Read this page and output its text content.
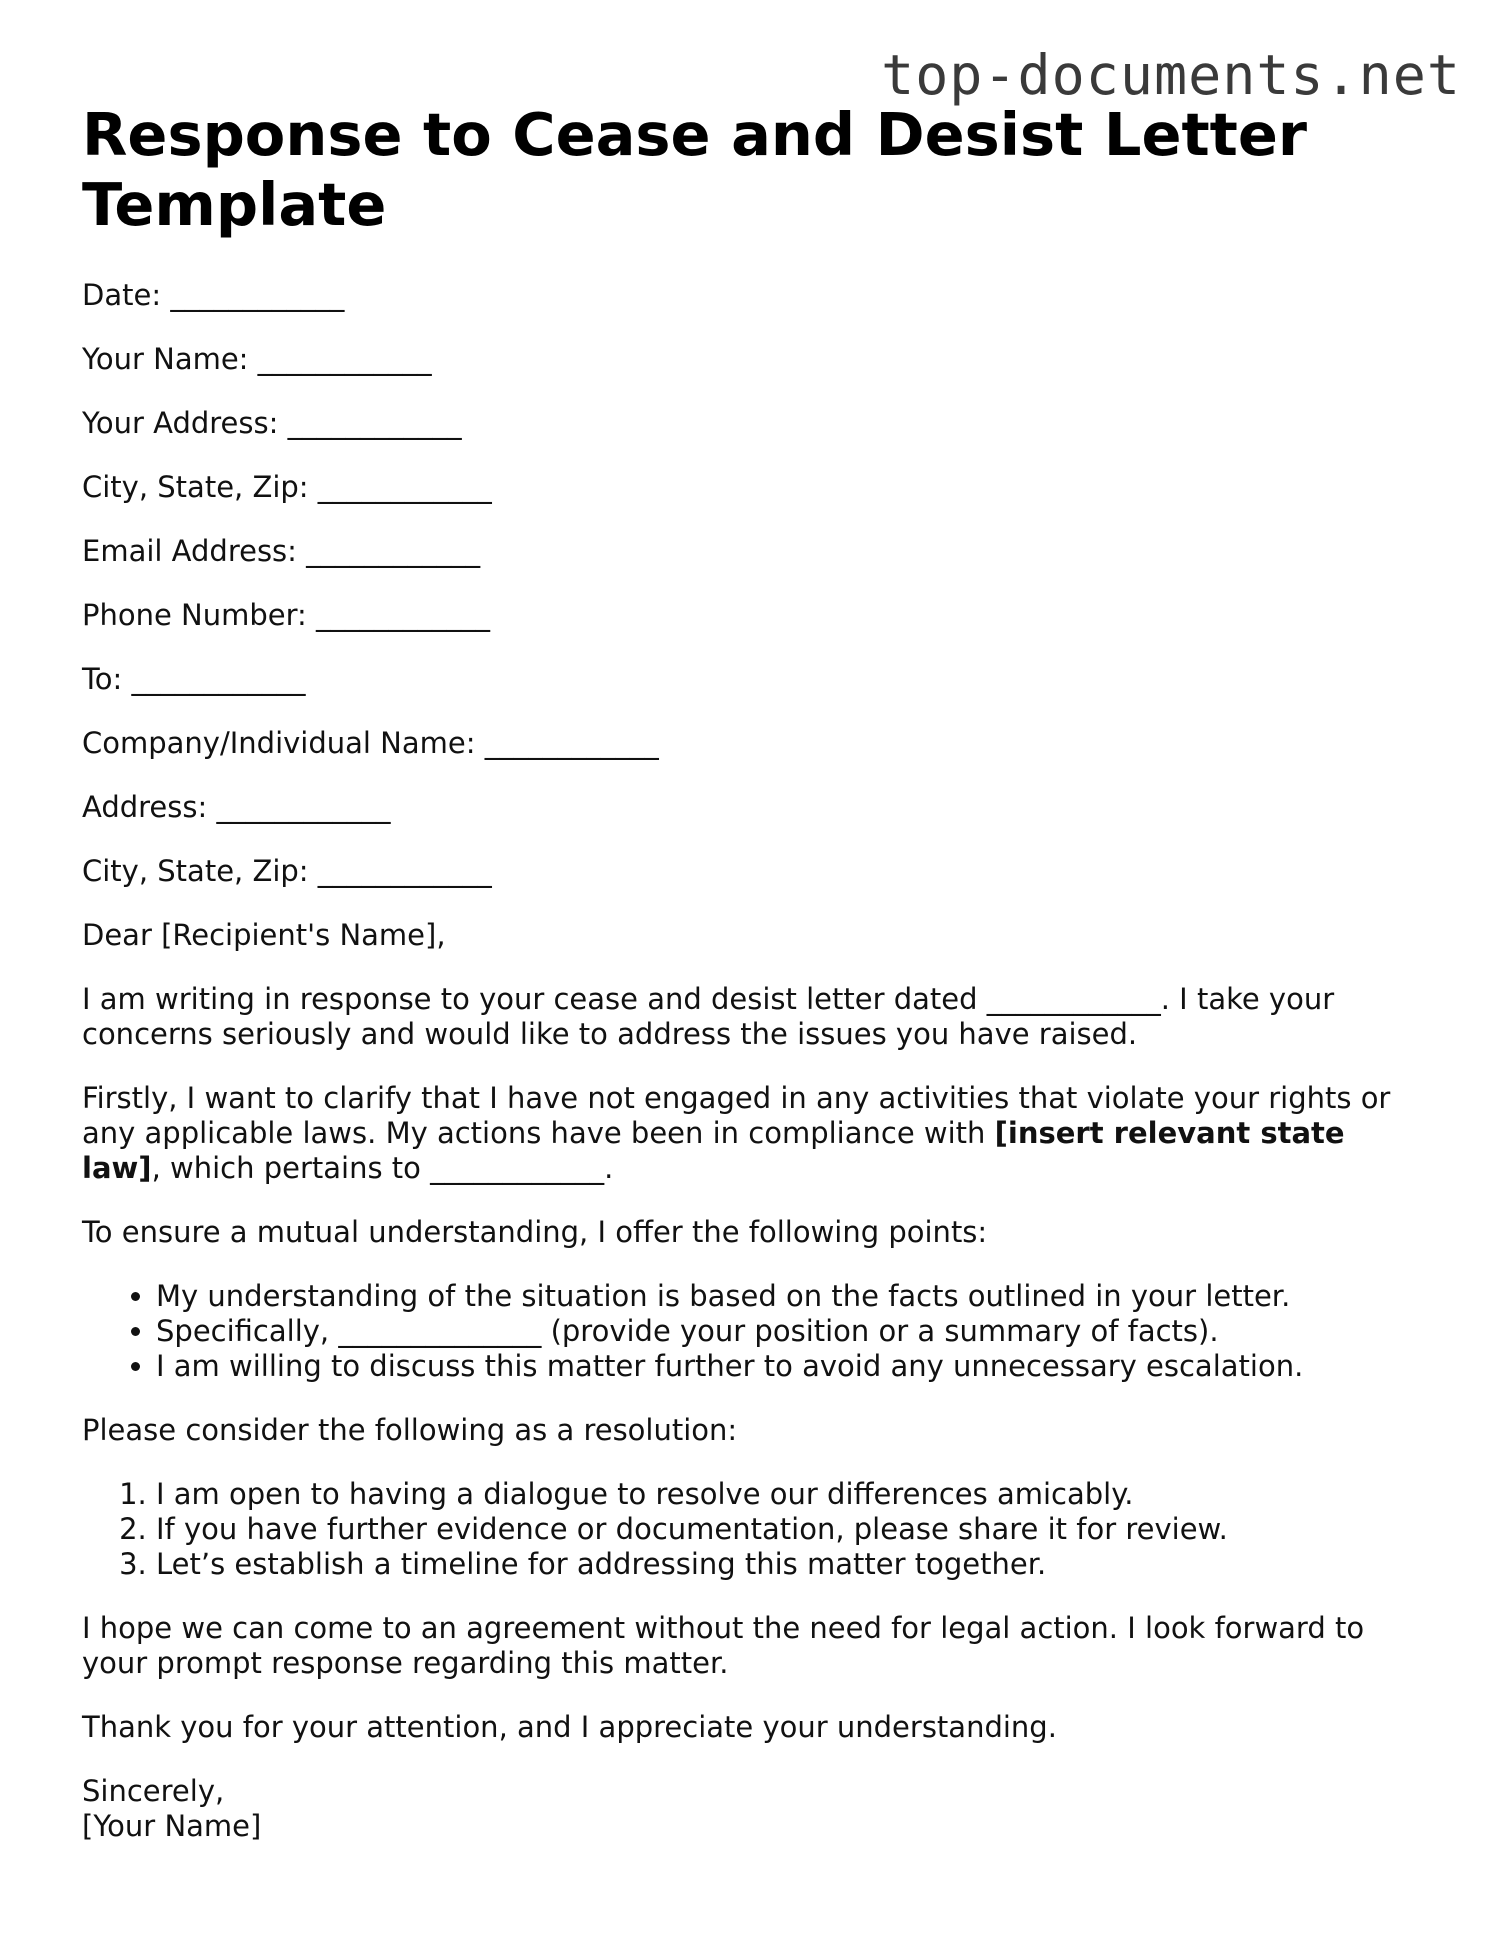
top-documents.net
Response to Cease and Desist Letter Template
Date: ____________
Your Name: ____________
Your Address: ____________
City, State, Zip: ____________
Email Address: ____________
Phone Number: ____________
To: ____________
Company/Individual Name: ____________
Address: ____________
City, State, Zip: ____________

Dear [Recipient's Name],

I am writing in response to your cease and desist letter dated ____________. I take your concerns seriously and would like to address the issues you have raised.

Firstly, I want to clarify that I have not engaged in any activities that violate your rights or any applicable laws. My actions have been in compliance with [insert relevant state law], which pertains to ____________.

To ensure a mutual understanding, I offer the following points:

• My understanding of the situation is based on the facts outlined in your letter.
• Specifically, ______________ (provide your position or a summary of facts).
• I am willing to discuss this matter further to avoid any unnecessary escalation.

Please consider the following as a resolution:

1. I am open to having a dialogue to resolve our differences amicably.
2. If you have further evidence or documentation, please share it for review.
3. Let’s establish a timeline for addressing this matter together.

I hope we can come to an agreement without the need for legal action. I look forward to your prompt response regarding this matter.

Thank you for your attention, and I appreciate your understanding.

Sincerely,
[Your Name]
